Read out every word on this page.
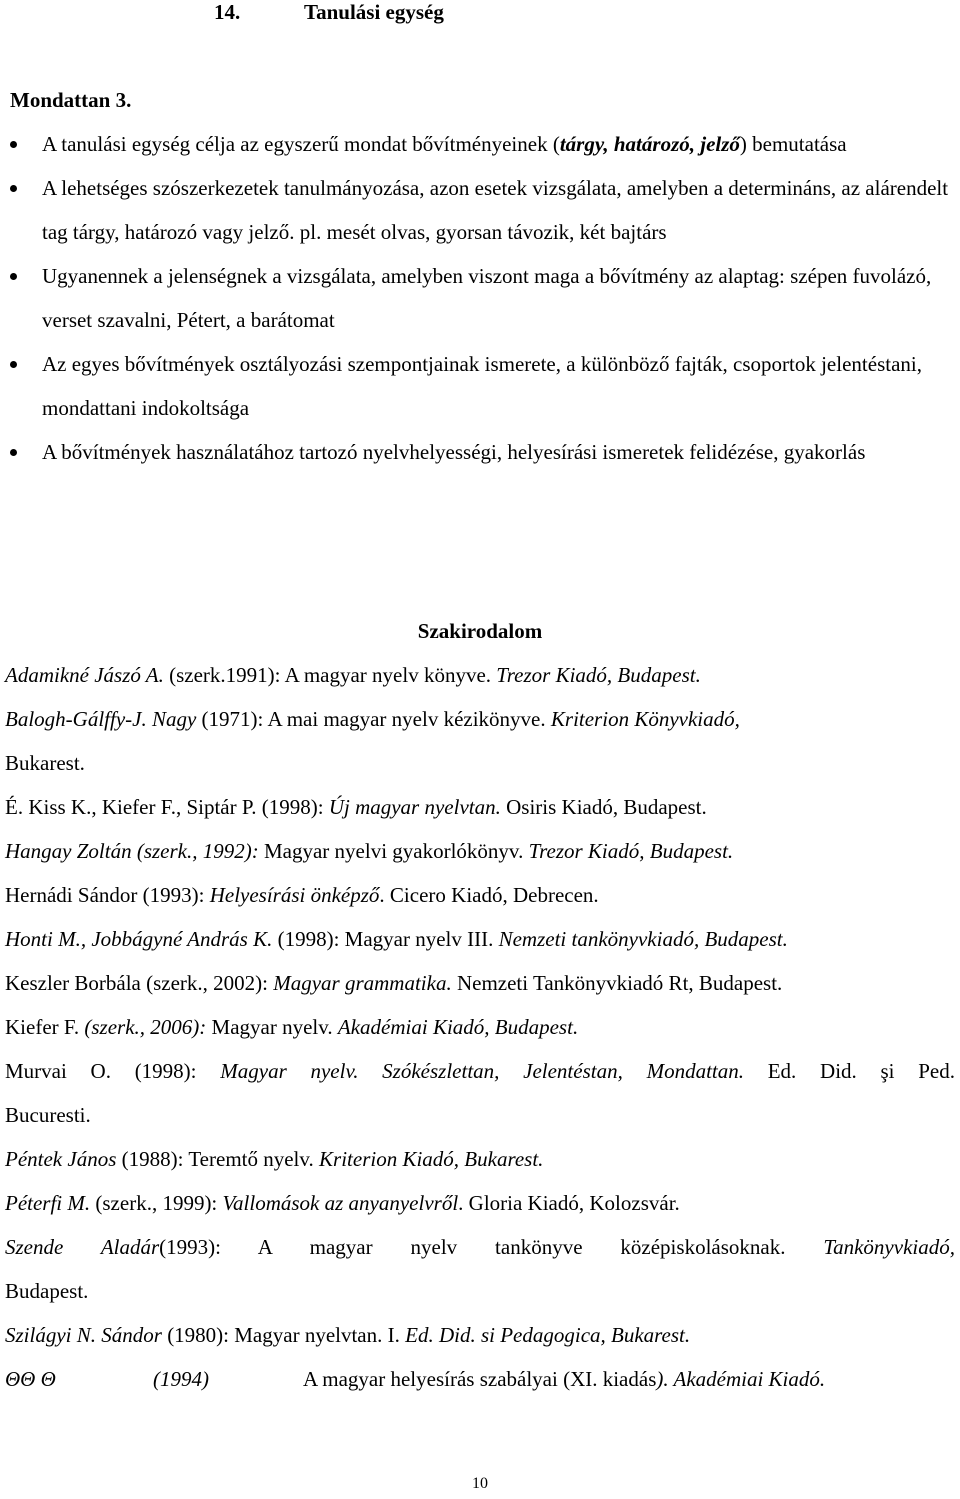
14.	Tanulási egység
Mondattan 3.
A tanulási egység célja az egyszerű mondat bővítményeinek (tárgy, határozó, jelző) bemutatása
A lehetséges szószerkezetek tanulmányozása, azon esetek vizsgálata, amelyben a determináns, az alárendelt tag tárgy, határozó vagy jelző. pl. mesét olvas, gyorsan távozik, két bajtárs
Ugyanennek a jelenségnek a vizsgálata, amelyben viszont maga a bővítmény az alaptag: szépen fuvolázó, verset szavalni, Pétert, a barátomat
Az egyes bővítmények osztályozási szempontjainak ismerete, a különböző fajták, csoportok jelentéstani, mondattani indokoltsága
A bővítmények használatához tartozó nyelvhelyességi, helyesírási ismeretek felidézése, gyakorlás
Szakirodalom
Adamikné Jászó A. (szerk.1991): A magyar nyelv könyve. Trezor Kiadó, Budapest.
Balogh-Gálffy-J. Nagy (1971): A mai magyar nyelv kézikönyve. Kriterion Könyvkiadó,
Bukarest.
É. Kiss K., Kiefer F., Siptár P. (1998): Új magyar nyelvtan. Osiris Kiadó, Budapest.
Hangay Zoltán (szerk., 1992): Magyar nyelvi gyakorlókönyv. Trezor Kiadó, Budapest.
Hernádi Sándor (1993): Helyesírási önképző. Cicero Kiadó, Debrecen.
Honti M., Jobbágyné András K. (1998): Magyar nyelv III. Nemzeti tankönyvkiadó, Budapest.
Keszler Borbála (szerk., 2002): Magyar grammatika. Nemzeti Tankönyvkiadó Rt, Budapest.
Kiefer F. (szerk., 2006): Magyar nyelv. Akadémiai Kiadó, Budapest.
Murvai O. (1998): Magyar nyelv. Szókészlettan, Jelentéstan, Mondattan. Ed. Did. şi Ped.
Bucuresti.
Péntek János (1988): Teremtő nyelv. Kriterion Kiadó, Bukarest.
Péterfi M. (szerk., 1999): Vallomások az anyanyelvről. Gloria Kiadó, Kolozsvár.
Szende Aladár(1993): A magyar nyelv tankönyve középiskolásoknak. Tankönyvkiadó,
Budapest.
Szilágyi N. Sándor (1980): Magyar nyelvtan. I. Ed. Did. si Pedagogica, Bukarest.
ΘΘ Θ	(1994)	A magyar helyesírás szabályai (XI. kiadás). Akadémiai Kiadó.
10
